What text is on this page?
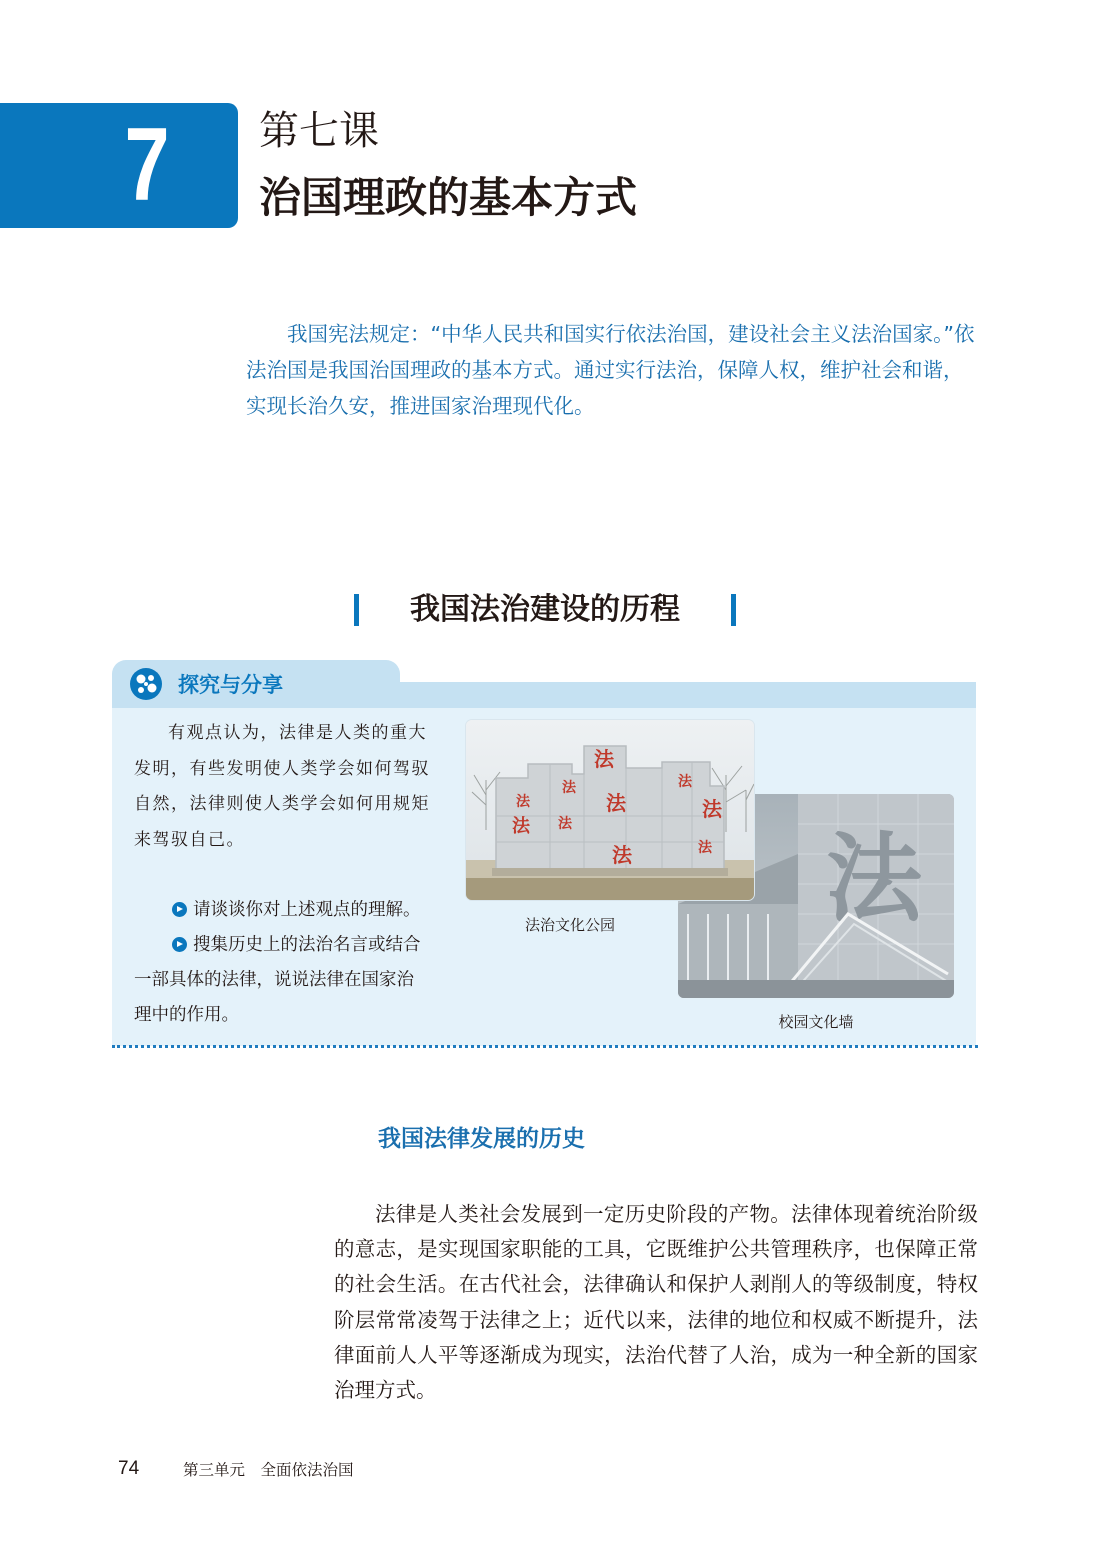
7 第七课
治国理政的基本方式

我国宪法规定：“中华人民共和国实行依法治国，建设社会主义法治国家。”依法治国是我国治国理政的基本方式。通过实行法治，保障人权，维护社会和谐，实现长治久安，推进国家治理现代化。

我国法治建设的历程
探究与分享

有观点认为，法律是人类的重大发明，有些发明使人类学会如何驾驭自然，法律则使人类学会如何用规矩来驾驭自己。

请谈谈你对上述观点的理解。
搜集历史上的法治名言或结合一部具体的法律，说说法律在国家治理中的作用。
法
法
法
法
法
法
法
法 法
法	法
法治文化公园
校园文化墙
我国法律发展的历史

法律是人类社会发展到一定历史阶段的产物。法律体现着统治阶级的意志，是实现国家职能的工具，它既维护公共管理秩序，也保障正常的社会生活。在古代社会，法律确认和保护人剥削人的等级制度，特权阶层常常凌驾于法律之上；近代以来，法律的地位和权威不断提升，法律面前人人平等逐渐成为现实，法治代替了人治，成为一种全新的国家治理方式。

74	第三单元　全面依法治国
